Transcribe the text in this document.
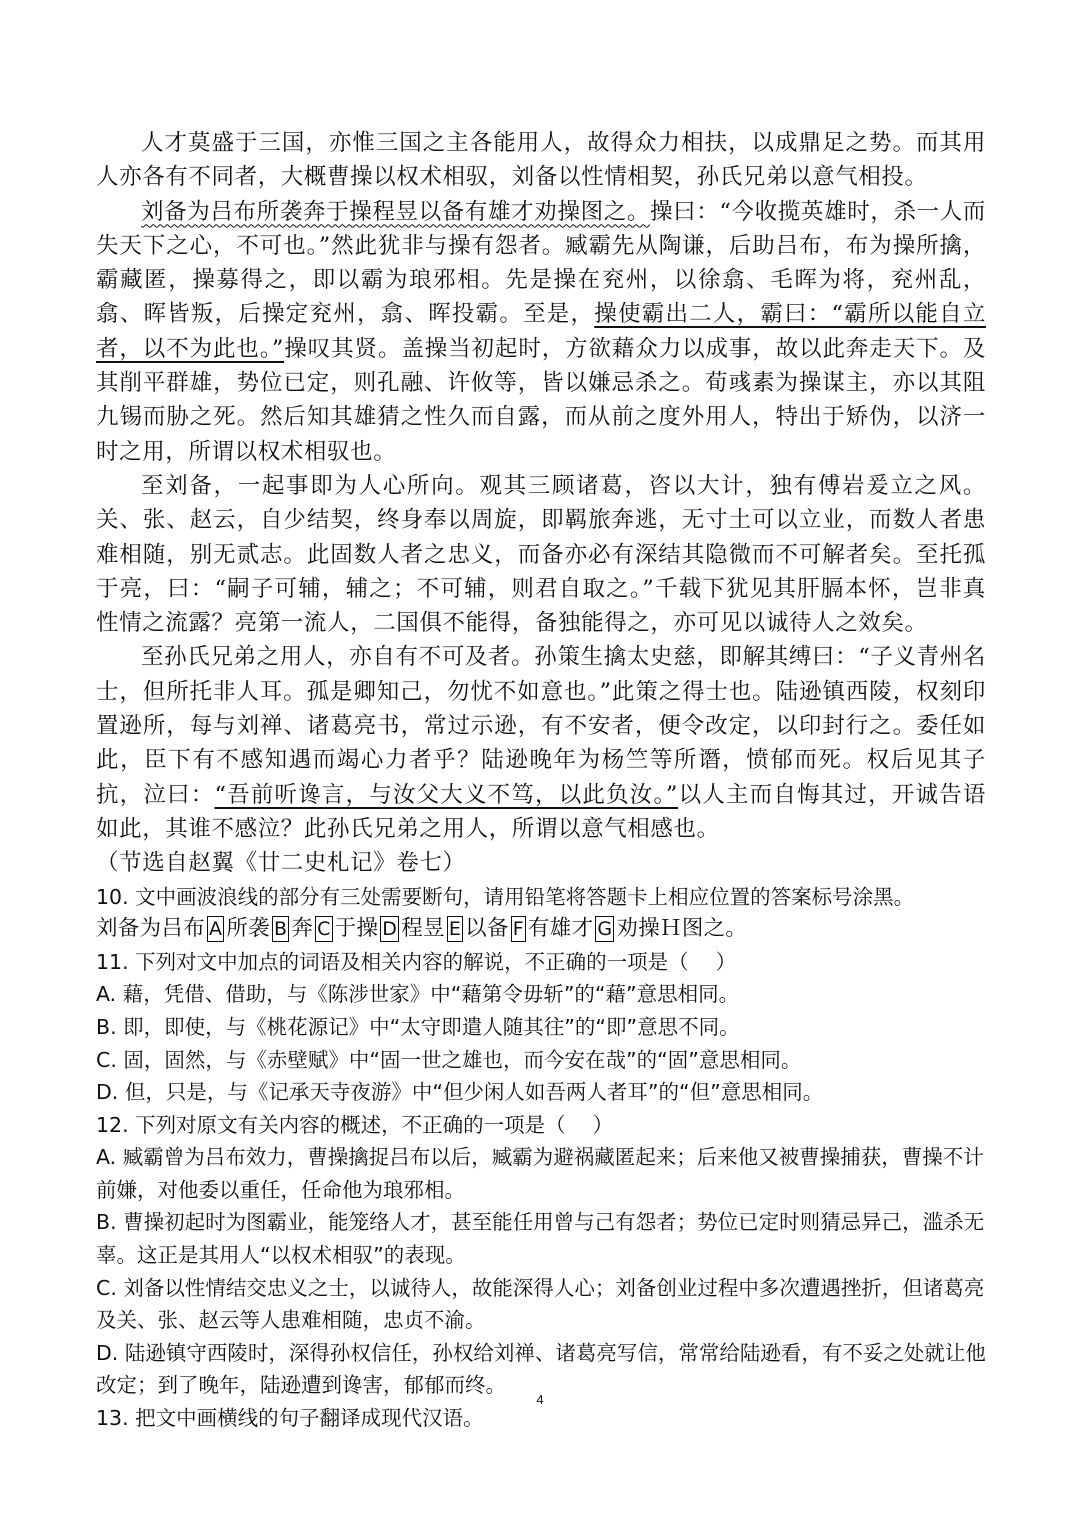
人才莫盛于三国，亦惟三国之主各能用人，故得众力相扶，以成鼎足之势。而其用人亦各有不同者，大概曹操以权术相驭，刘备以性情相契，孙氏兄弟以意气相投。

刘备为吕布所袭奔于操程昱以备有雄才劝操图之。操曰：“今收揽英雄时，杀一人而失天下之心，不可也。”然此犹非与操有怨者。臧霸先从陶谦，后助吕布，布为操所擒，霸藏匿，操募得之，即以霸为琅邪相。先是操在兖州，以徐翕、毛晖为将，兖州乱，翕、晖皆叛，后操定兖州，翕、晖投霸。至是，操使霸出二人，霸曰：“霸所以能自立者，以不为此也。”操叹其贤。盖操当初起时，方欲藉众力以成事，故以此奔走天下。及其削平群雄，势位已定，则孔融、许攸等，皆以嫌忌杀之。荀彧素为操谋主，亦以其阻九锡而胁之死。然后知其雄猜之性久而自露，而从前之度外用人，特出于矫伪，以济一时之用，所谓以权术相驭也。

至刘备，一起事即为人心所向。观其三顾诸葛，咨以大计，独有傅岩爰立之风。关、张、赵云，自少结契，终身奉以周旋，即羁旅奔逃，无寸土可以立业，而数人者患难相随，别无贰志。此固数人者之忠义，而备亦必有深结其隐微而不可解者矣。至托孤于亮，曰：“嗣子可辅，辅之；不可辅，则君自取之。”千载下犹见其肝膈本怀，岂非真性情之流露？亮第一流人，二国俱不能得，备独能得之，亦可见以诚待人之效矣。

至孙氏兄弟之用人，亦自有不可及者。孙策生擒太史慈，即解其缚曰：“子义青州名士，但所托非人耳。孤是卿知己，勿忧不如意也。”此策之得士也。陆逊镇西陵，权刻印置逊所，每与刘禅、诸葛亮书，常过示逊，有不安者，便令改定，以印封行之。委任如此，臣下有不感知遇而竭心力者乎？陆逊晚年为杨竺等所谮，愤郁而死。权后见其子抗，泣曰：“吾前听谗言，与汝父大义不笃，以此负汝。”以人主而自悔其过，开诚告语如此，其谁不感泣？此孙氏兄弟之用人，所谓以意气相感也。

（节选自赵翼《廿二史札记》卷七）

10. 文中画波浪线的部分有三处需要断句，请用铅笔将答题卡上相应位置的答案标号涂黑。
刘备为吕布 A 所袭 B 奔 C 于操 D 程昱 E 以备 F 有雄才 G 劝操Ｈ图之。
11. 下列对文中加点的词语及相关内容的解说，不正确的一项是（　 ）
A. 藉，凭借、借助，与《陈涉世家》中“藉第令毋斩”的“藉”意思相同。
B. 即，即使，与《桃花源记》中“太守即遣人随其往”的“即”意思不同。
C. 固，固然，与《赤壁赋》中“固一世之雄也，而今安在哉”的“固”意思相同。
D. 但，只是，与《记承天寺夜游》中“但少闲人如吾两人者耳”的“但”意思相同。
12. 下列对原文有关内容的概述，不正确的一项是（　 ）
A. 臧霸曾为吕布效力，曹操擒捉吕布以后，臧霸为避祸藏匿起来；后来他又被曹操捕获，曹操不计前嫌，对他委以重任，任命他为琅邪相。
B. 曹操初起时为图霸业，能笼络人才，甚至能任用曾与己有怨者；势位已定时则猜忌异己，滥杀无辜。这正是其用人“以权术相驭”的表现。
C. 刘备以性情结交忠义之士，以诚待人，故能深得人心；刘备创业过程中多次遭遇挫折，但诸葛亮及关、张、赵云等人患难相随，忠贞不渝。
D. 陆逊镇守西陵时，深得孙权信任，孙权给刘禅、诸葛亮写信，常常给陆逊看，有不妥之处就让他改定；到了晚年，陆逊遭到谗害，郁郁而终。
13. 把文中画横线的句子翻译成现代汉语。
4
